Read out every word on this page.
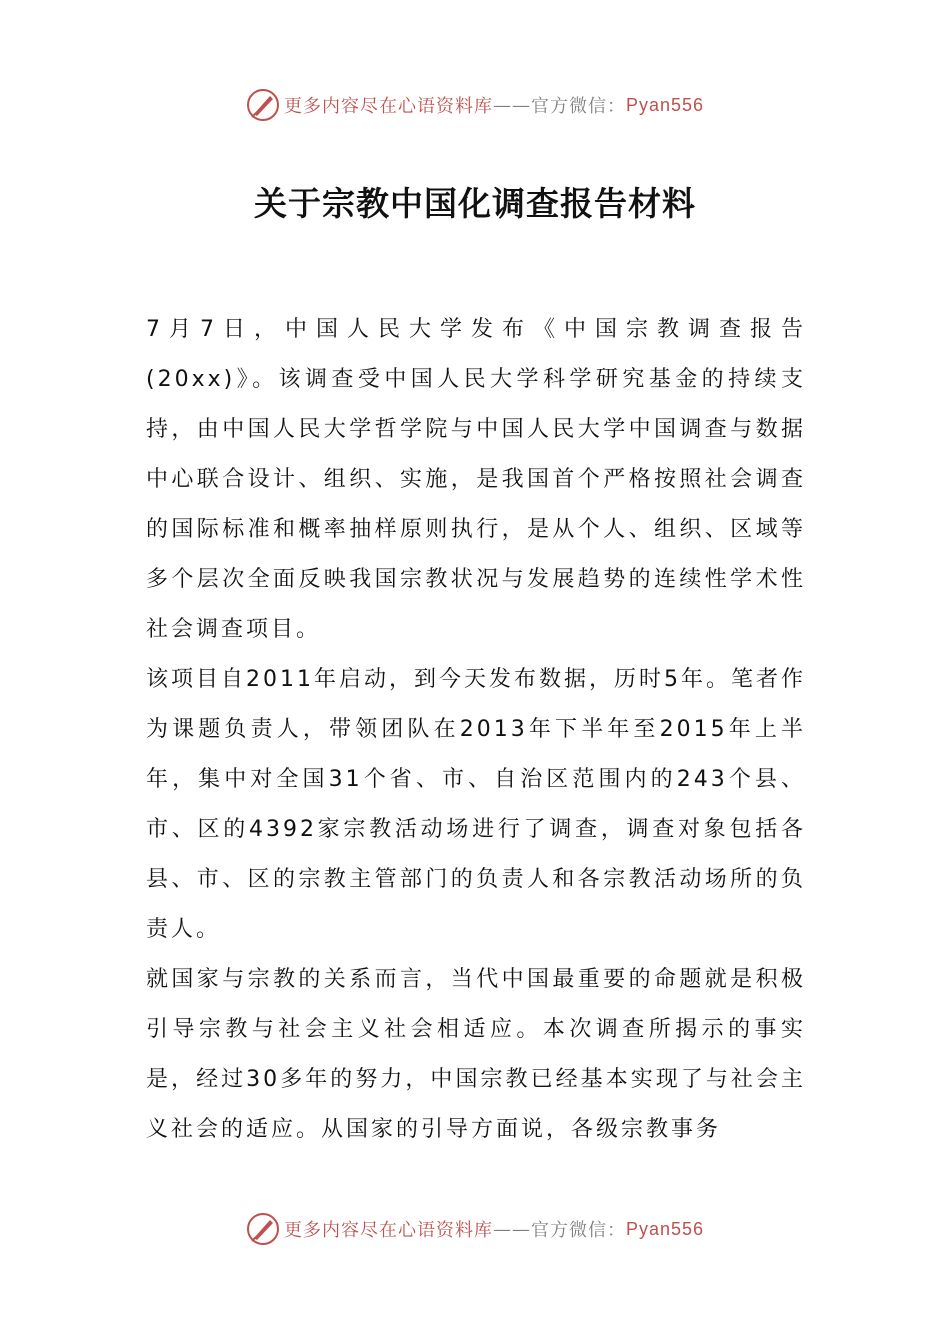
更多内容尽在心语资料库 —— 官方微信： Pyan556
关于宗教中国化调查报告材料

7月7日，中国人民大学发布《中国宗教调查报告(20xx)》。该调查受中国人民大学科学研究基金的持续支持，由中国人民大学哲学院与中国人民大学中国调查与数据中心联合设计、组织、实施，是我国首个严格按照社会调查的国际标准和概率抽样原则执行，是从个人、组织、区域等多个层次全面反映我国宗教状况与发展趋势的连续性学术性社会调查项目。

该项目自2011年启动，到今天发布数据，历时5年。笔者作为课题负责人，带领团队在2013年下半年至2015年上半年，集中对全国31个省、市、自治区范围内的243个县、市、区的4392家宗教活动场进行了调查，调查对象包括各县、市、区的宗教主管部门的负责人和各宗教活动场所的负责人。

就国家与宗教的关系而言，当代中国最重要的命题就是积极引导宗教与社会主义社会相适应。本次调查所揭示的事实是，经过30多年的努力，中国宗教已经基本实现了与社会主义社会的适应。从国家的引导方面说，各级宗教事务

更多内容尽在心语资料库 —— 官方微信： Pyan556
